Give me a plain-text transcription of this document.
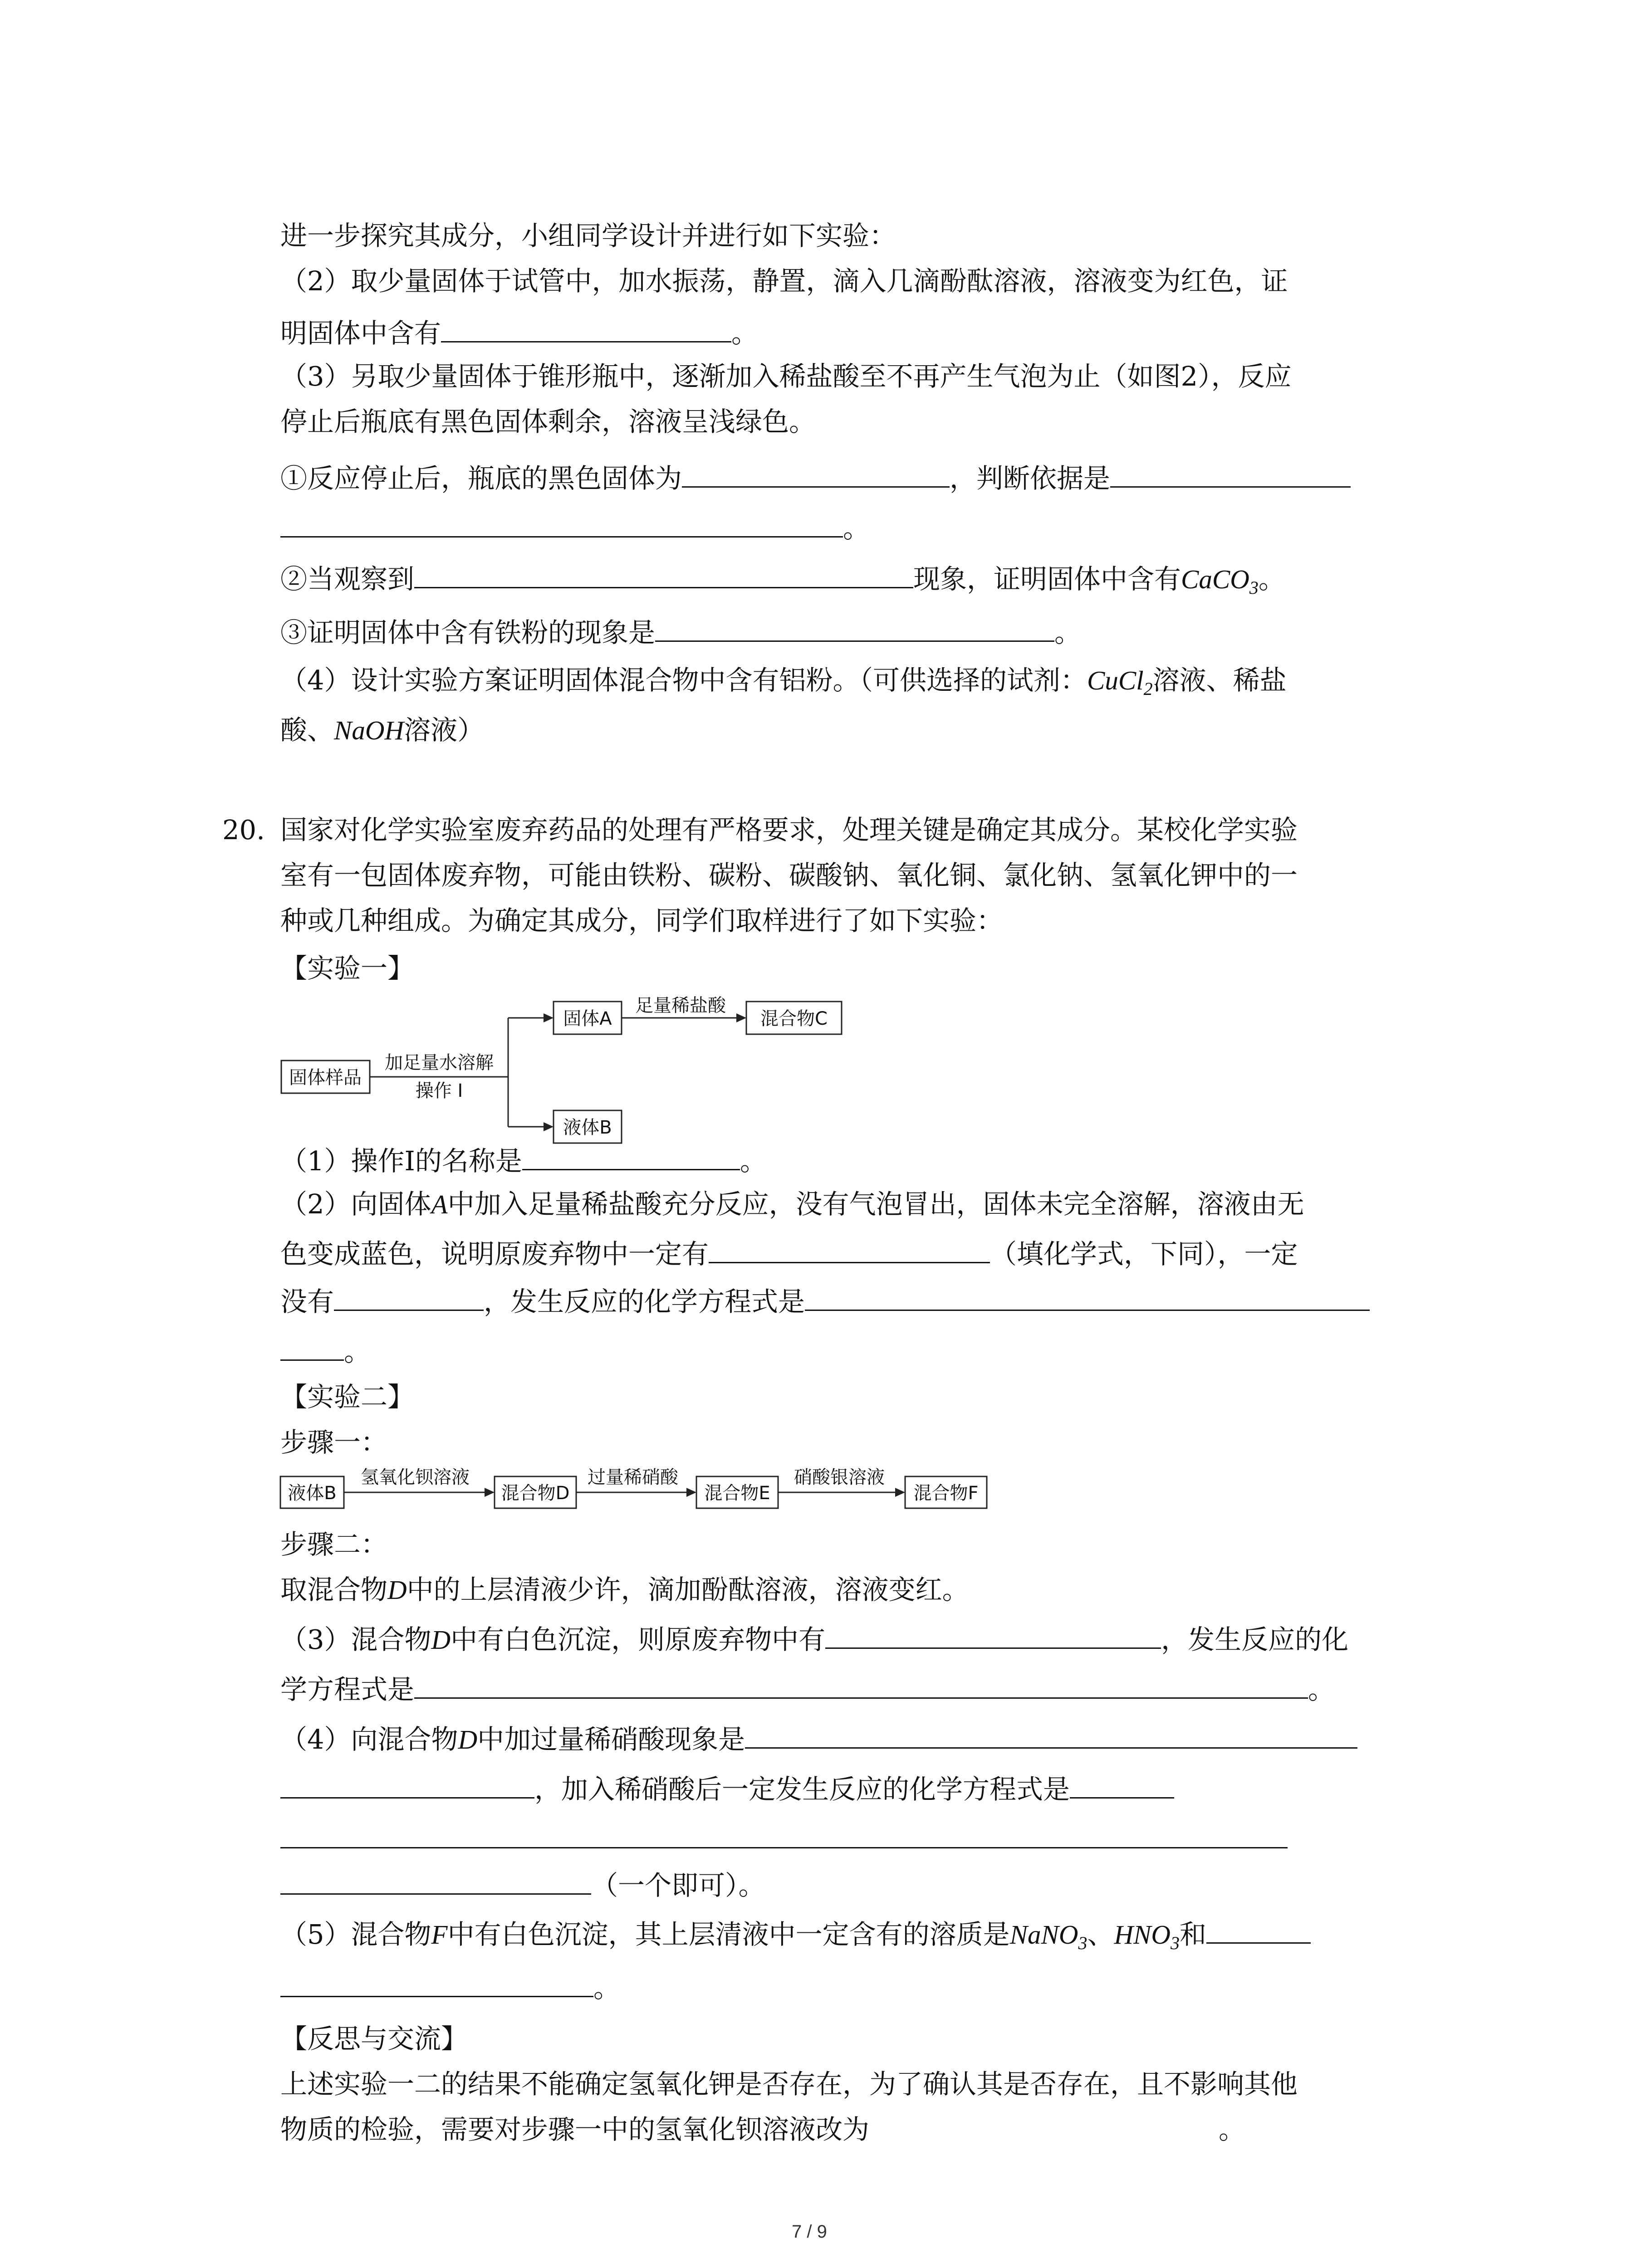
进一步探究其成分，小组同学设计并进行如下实验：
（2）取少量固体于试管中，加水振荡，静置，滴入几滴酚酞溶液，溶液变为红色，证
明固体中含有	。
（3）另取少量固体于锥形瓶中，逐渐加入稀盐酸至不再产生气泡为止（如图2），反应
停止后瓶底有黑色固体剩余，溶液呈浅绿色。
①反应停止后，瓶底的黑色固体为	，判断依据是
。
②当观察到	现象，证明固体中含有CaCO$_3$。
③证明固体中含有铁粉的现象是	。
（4）设计实验方案证明固体混合物中含有铝粉。（可供选择的试剂：CuCl$_2$溶液、稀盐
酸、NaOH溶液）
20. 国家对化学实验室废弃药品的处理有严格要求，处理关键是确定其成分。某校化学实验
室有一包固体废弃物，可能由铁粉、碳粉、碳酸钠、氧化铜、氯化钠、氢氧化钾中的一
种或几种组成。为确定其成分，同学们取样进行了如下实验：
【实验一】
固体样品
加足量水溶解
操作 I
固体A
足量稀盐酸
混合物C
液体B
（1）操作Ⅰ的名称是	。
（2）向固体A中加入足量稀盐酸充分反应，没有气泡冒出，固体未完全溶解，溶液由无
色变成蓝色，说明原废弃物中一定有	（填化学式，下同），一定
没有	，发生反应的化学方程式是
。
【实验二】
步骤一：
液体B
氢氧化钡溶液
混合物D
过量稀硝酸
混合物E
硝酸银溶液
混合物F
步骤二：
取混合物D中的上层清液少许，滴加酚酞溶液，溶液变红。
（3）混合物D中有白色沉淀，则原废弃物中有	，发生反应的化
学方程式是	。
（4）向混合物D中加过量稀硝酸现象是
，加入稀硝酸后一定发生反应的化学方程式是
（一个即可）。
（5）混合物F中有白色沉淀，其上层清液中一定含有的溶质是NaNO$_3$、$HNO_3$和
。
【反思与交流】
上述实验一二的结果不能确定氢氧化钾是否存在，为了确认其是否存在，且不影响其他
物质的检验，需要对步骤一中的氢氧化钡溶液改为	。
7 / 9
